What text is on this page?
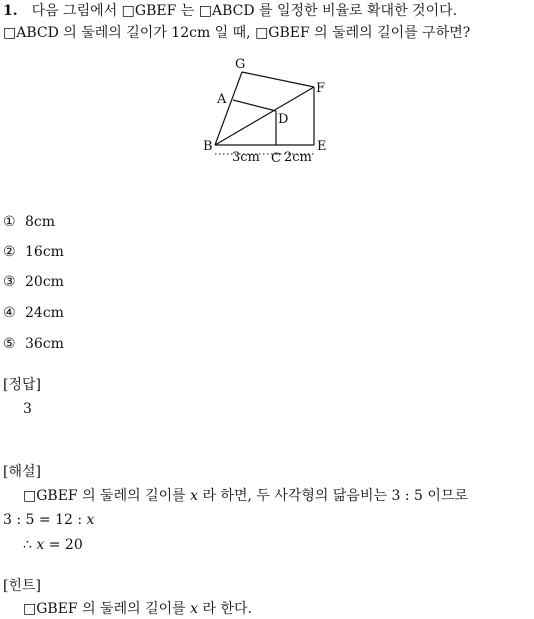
1. 다음 그림에서 □GBEF 는 □ABCD 를 일정한 비율로 확대한 것이다.
□ABCD 의 둘레의 길이가 12cm 일 때, □GBEF 의 둘레의 길이를 구하면?
G
F
A
D
B
C
E
3cm 2cm
① 8cm
② 16cm
③ 20cm
④ 24cm
⑤ 36cm
[정답]
3
[해설]
□GBEF 의 둘레의 길이를 x 라 하면, 두 사각형의 닮음비는 3 : 5 이므로
3 : 5 = 12 : x
∴ x = 20
[힌트]
□GBEF 의 둘레의 길이를 x 라 한다.
